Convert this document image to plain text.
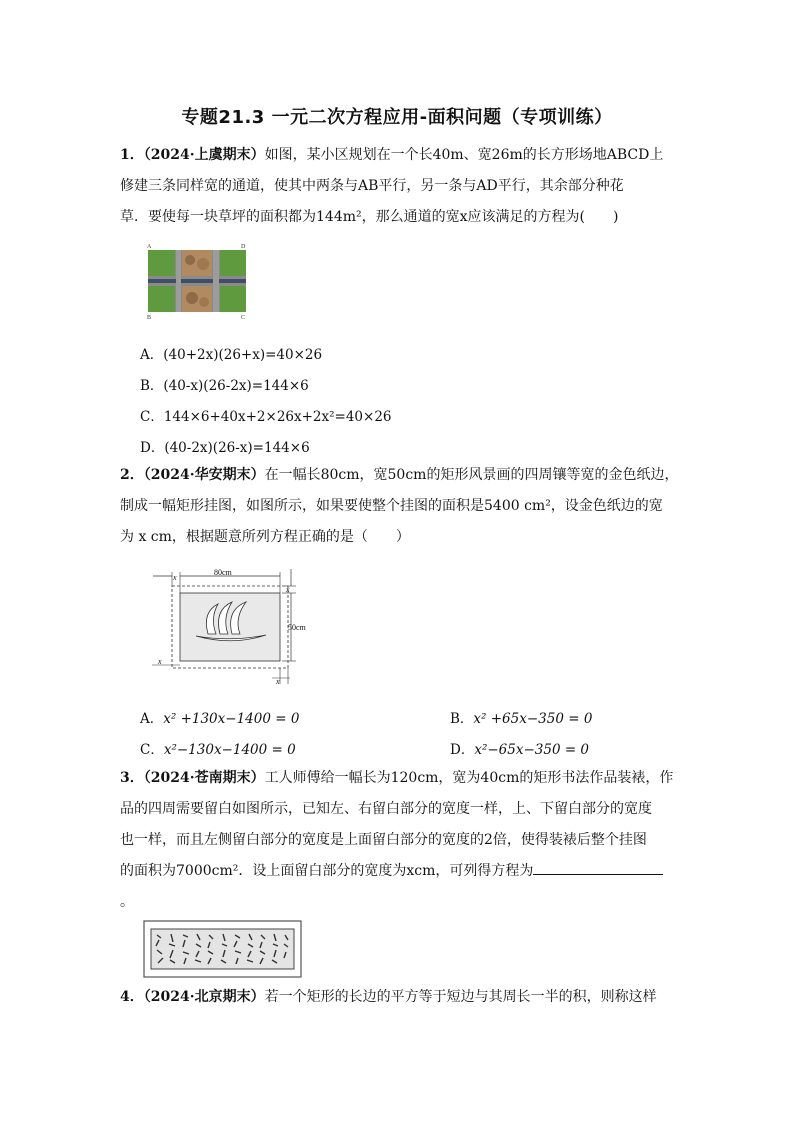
专题21.3 一元二次方程应用-面积问题（专项训练）
1．（2024·上虞期末）如图，某小区规划在一个长40m、宽26m的长方形场地ABCD上
修建三条同样宽的通道，使其中两条与AB平行，另一条与AD平行，其余部分种花
草．要使每一块草坪的面积都为144m²，那么通道的宽x应该满足的方程为(　　)
A	D
B	C
A．(40+2x)(26+x)=40×26
B．(40-x)(26-2x)=144×6
C．144×6+40x+2×26x+2x²=40×26
D．(40-2x)(26-x)=144×6
2．（2024·华安期末）在一幅长80cm，宽50cm的矩形风景画的四周镶等宽的金色纸边，
制成一幅矩形挂图，如图所示，如果要使整个挂图的面积是5400 cm²，设金色纸边的宽
为 x cm，根据题意所列方程正确的是（　　）
x
80cm
x
50cm
x
x
A．x² +130x−1400 = 0	B．x² +65x−350 = 0
C．x²−130x−1400 = 0	D．x²−65x−350 = 0
3．（2024·苍南期末）工人师傅给一幅长为120cm，宽为40cm的矩形书法作品装裱，作
品的四周需要留白如图所示，已知左、右留白部分的宽度一样，上、下留白部分的宽度
也一样，而且左侧留白部分的宽度是上面留白部分的宽度的2倍，使得装裱后整个挂图
的面积为7000cm²．设上面留白部分的宽度为xcm，可列得方程为
。
4．（2024·北京期末）若一个矩形的长边的平方等于短边与其周长一半的积，则称这样
